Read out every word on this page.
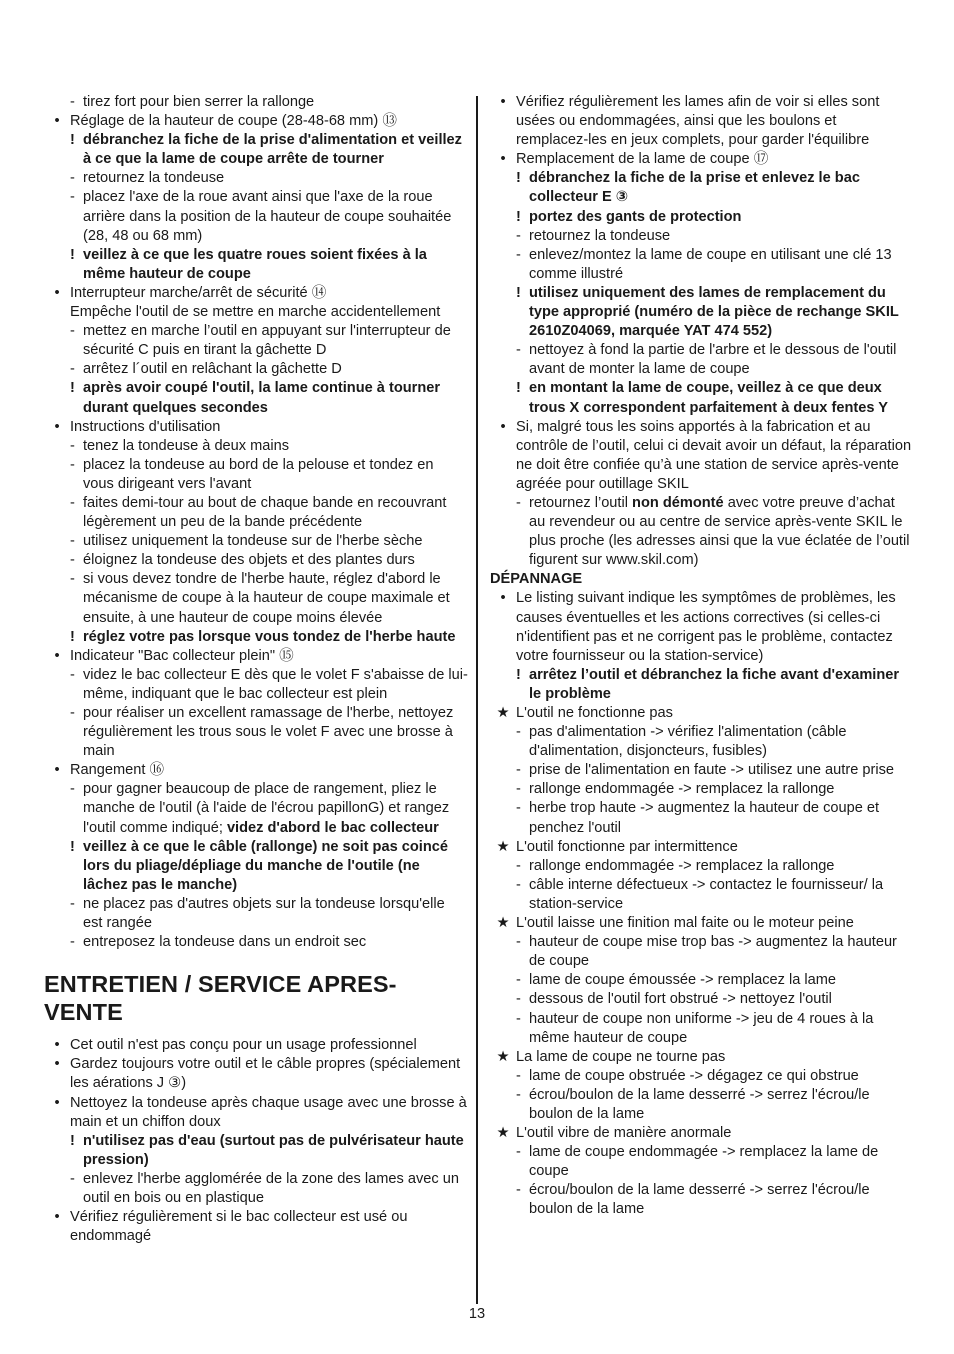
- tirez fort pour bien serrer la rallonge
• Réglage de la hauteur de coupe (28-48-68 mm) ⑬
! débranchez la fiche de la prise d'alimentation et veillez à ce que la lame de coupe arrête de tourner
- retournez la tondeuse
- placez l'axe de la roue avant ainsi que l'axe de la roue arrière dans la position de la hauteur de coupe souhaitée (28, 48 ou 68 mm)
! veillez à ce que les quatre roues soient fixées à la même hauteur de coupe
• Interrupteur marche/arrêt de sécurité ⑭
Empêche l'outil de se mettre en marche accidentellement
- mettez en marche l’outil en appuyant sur l'interrupteur de sécurité C puis en tirant la gâchette D
- arrêtez l´outil en relâchant la gâchette D
! après avoir coupé l'outil, la lame continue à tourner durant quelques secondes
• Instructions d'utilisation
- tenez la tondeuse à deux mains
- placez la tondeuse au bord de la pelouse et tondez en vous dirigeant vers l'avant
- faites demi-tour au bout de chaque bande en recouvrant légèrement un peu de la bande précédente
- utilisez uniquement la tondeuse sur de l'herbe sèche
- éloignez la tondeuse des objets et des plantes durs
- si vous devez tondre de l'herbe haute, réglez d'abord le mécanisme de coupe à la hauteur de coupe maximale et ensuite, à une hauteur de coupe moins élevée
! réglez votre pas lorsque vous tondez de l'herbe haute
• Indicateur "Bac collecteur plein" ⑮
- videz le bac collecteur E dès que le volet F s'abaisse de lui-même, indiquant que le bac collecteur est plein
- pour réaliser un excellent ramassage de l'herbe, nettoyez régulièrement les trous sous le volet F avec une brosse à main
• Rangement ⑯
- pour gagner beaucoup de place de rangement, pliez le manche de l'outil (à l'aide de l'écrou papillonG) et rangez l'outil comme indiqué; videz d'abord le bac collecteur
! veillez à ce que le câble (rallonge) ne soit pas coincé lors du pliage/dépliage du manche de l'outile (ne lâchez pas le manche)
- ne placez pas d'autres objets sur la tondeuse lorsqu'elle est rangée
- entreposez la tondeuse dans un endroit sec
ENTRETIEN / SERVICE APRES-VENTE
• Cet outil n'est pas conçu pour un usage professionnel
• Gardez toujours votre outil et le câble propres (spécialement les aérations J ③)
• Nettoyez la tondeuse après chaque usage avec une brosse à main et un chiffon doux
! n'utilisez pas d'eau (surtout pas de pulvérisateur haute pression)
- enlevez l'herbe agglomérée de la zone des lames avec un outil en bois ou en plastique
• Vérifiez régulièrement si le bac collecteur est usé ou endommagé
• Vérifiez régulièrement les lames afin de voir si elles sont usées ou endommagées, ainsi que les boulons et remplacez-les en jeux complets, pour garder l'équilibre
• Remplacement de la lame de coupe ⑰
! débranchez la fiche de la prise et enlevez le bac collecteur E ③
! portez des gants de protection
- retournez la tondeuse
- enlevez/montez la lame de coupe en utilisant une clé 13 comme illustré
! utilisez uniquement des lames de remplacement du type approprié (numéro de la pièce de rechange SKIL 2610Z04069, marquée YAT 474 552)
- nettoyez à fond la partie de l'arbre et le dessous de l'outil avant de monter la lame de coupe
! en montant la lame de coupe, veillez à ce que deux trous X correspondent parfaitement à deux fentes Y
• Si, malgré tous les soins apportés à la fabrication et au contrôle de l’outil, celui ci devait avoir un défaut, la réparation ne doit être confiée qu’à une station de service après-vente agréée pour outillage SKIL
- retournez l’outil non démonté avec votre preuve d’achat au revendeur ou au centre de service après-vente SKIL le plus proche (les adresses ainsi que la vue éclatée de l’outil figurent sur www.skil.com)
DÉPANNAGE
• Le listing suivant indique les symptômes de problèmes, les causes éventuelles et les actions correctives (si celles-ci n'identifient pas et ne corrigent pas le problème, contactez votre fournisseur ou la station-service)
! arrêtez l’outil et débranchez la fiche avant d'examiner le problème
★ L'outil ne fonctionne pas
- pas d'alimentation -> vérifiez l'alimentation (câble d'alimentation, disjoncteurs, fusibles)
- prise de l'alimentation en faute -> utilisez une autre prise
- rallonge endommagée -> remplacez la rallonge
- herbe trop haute -> augmentez la hauteur de coupe et penchez l'outil
★ L'outil fonctionne par intermittence
- rallonge endommagée -> remplacez la rallonge
- câble interne défectueux -> contactez le fournisseur/ la station-service
★ L'outil laisse une finition mal faite ou le moteur peine
- hauteur de coupe mise trop bas -> augmentez la hauteur de coupe
- lame de coupe émoussée -> remplacez la lame
- dessous de l'outil fort obstrué -> nettoyez l'outil
- hauteur de coupe non uniforme -> jeu de 4 roues à la même hauteur de coupe
★ La lame de coupe ne tourne pas
- lame de coupe obstruée -> dégagez ce qui obstrue
- écrou/boulon de la lame desserré -> serrez l'écrou/le boulon de la lame
★ L'outil vibre de manière anormale
- lame de coupe endommagée -> remplacez la lame de coupe
- écrou/boulon de la lame desserré -> serrez l'écrou/le boulon de la lame
13
